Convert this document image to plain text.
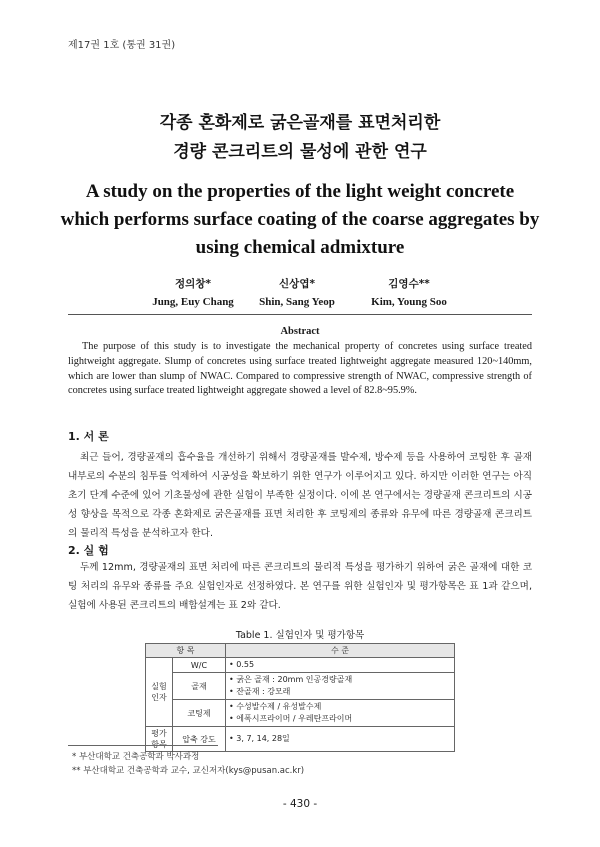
제17권 1호 (통권 31권)
각종 혼화제로 굵은골재를 표면처리한
경량 콘크리트의 물성에 관한 연구
A study on the properties of the light weight concrete which performs surface coating of the coarse aggregates by using chemical admixture
정의창*
Jung, Euy Chang
신상엽*
Shin, Sang Yeop
김영수**
Kim, Young Soo
Abstract
The purpose of this study is to investigate the mechanical property of concretes using surface treated lightweight aggregate. Slump of concretes using surface treated lightweight aggregate measured 120~140mm, which are lower than slump of NWAC. Compared to compressive strength of NWAC, compressive strength of concretes using surface treated lightweight aggregate showed a level of 82.8~95.9%.
1. 서 론
최근 들어, 경량골재의 흡수율을 개선하기 위해서 경량골재를 발수제, 방수제 등을 사용하여 코팅한 후 골재 내부로의 수분의 침투를 억제하여 시공성을 확보하기 위한 연구가 이루어지고 있다. 하지만 이러한 연구는 아직 초기 단계 수준에 있어 기초물성에 관한 실험이 부족한 실정이다. 이에 본 연구에서는 경량골재 콘크리트의 시공성 향상을 목적으로 각종 혼화제로 굵은골재를 표면 처리한 후 코팅제의 종류와 유무에 따른 경량골재 콘크리트의 물리적 특성을 분석하고자 한다.
2. 실 험
두께 12mm, 경량골재의 표면 처리에 따른 콘크리트의 물리적 특성을 평가하기 위하여 굵은 골재에 대한 코팅 처리의 유무와 종류를 주요 실험인자로 선정하였다. 본 연구를 위한 실험인자 및 평가항목은 표 1과 같으며, 실험에 사용된 콘크리트의 배합설계는 표 2와 같다.
Table 1. 실험인자 및 평가항목
항 목		수 준
실험 인자	W/C	• 0.55

	골재	• 굵은 골재 : 20mm 인공경량골재
• 잔골재 : 강모래

	코팅제	• 수성발수제 / 유성발수제
• 에폭시프라이머 / 우레탄프라이머

평가 항목	압축 강도	• 3, 7, 14, 28일
* 부산대학교 건축공학과 박사과정
** 부산대학교 건축공학과 교수, 교신저자(kys@pusan.ac.kr)
- 430 -
